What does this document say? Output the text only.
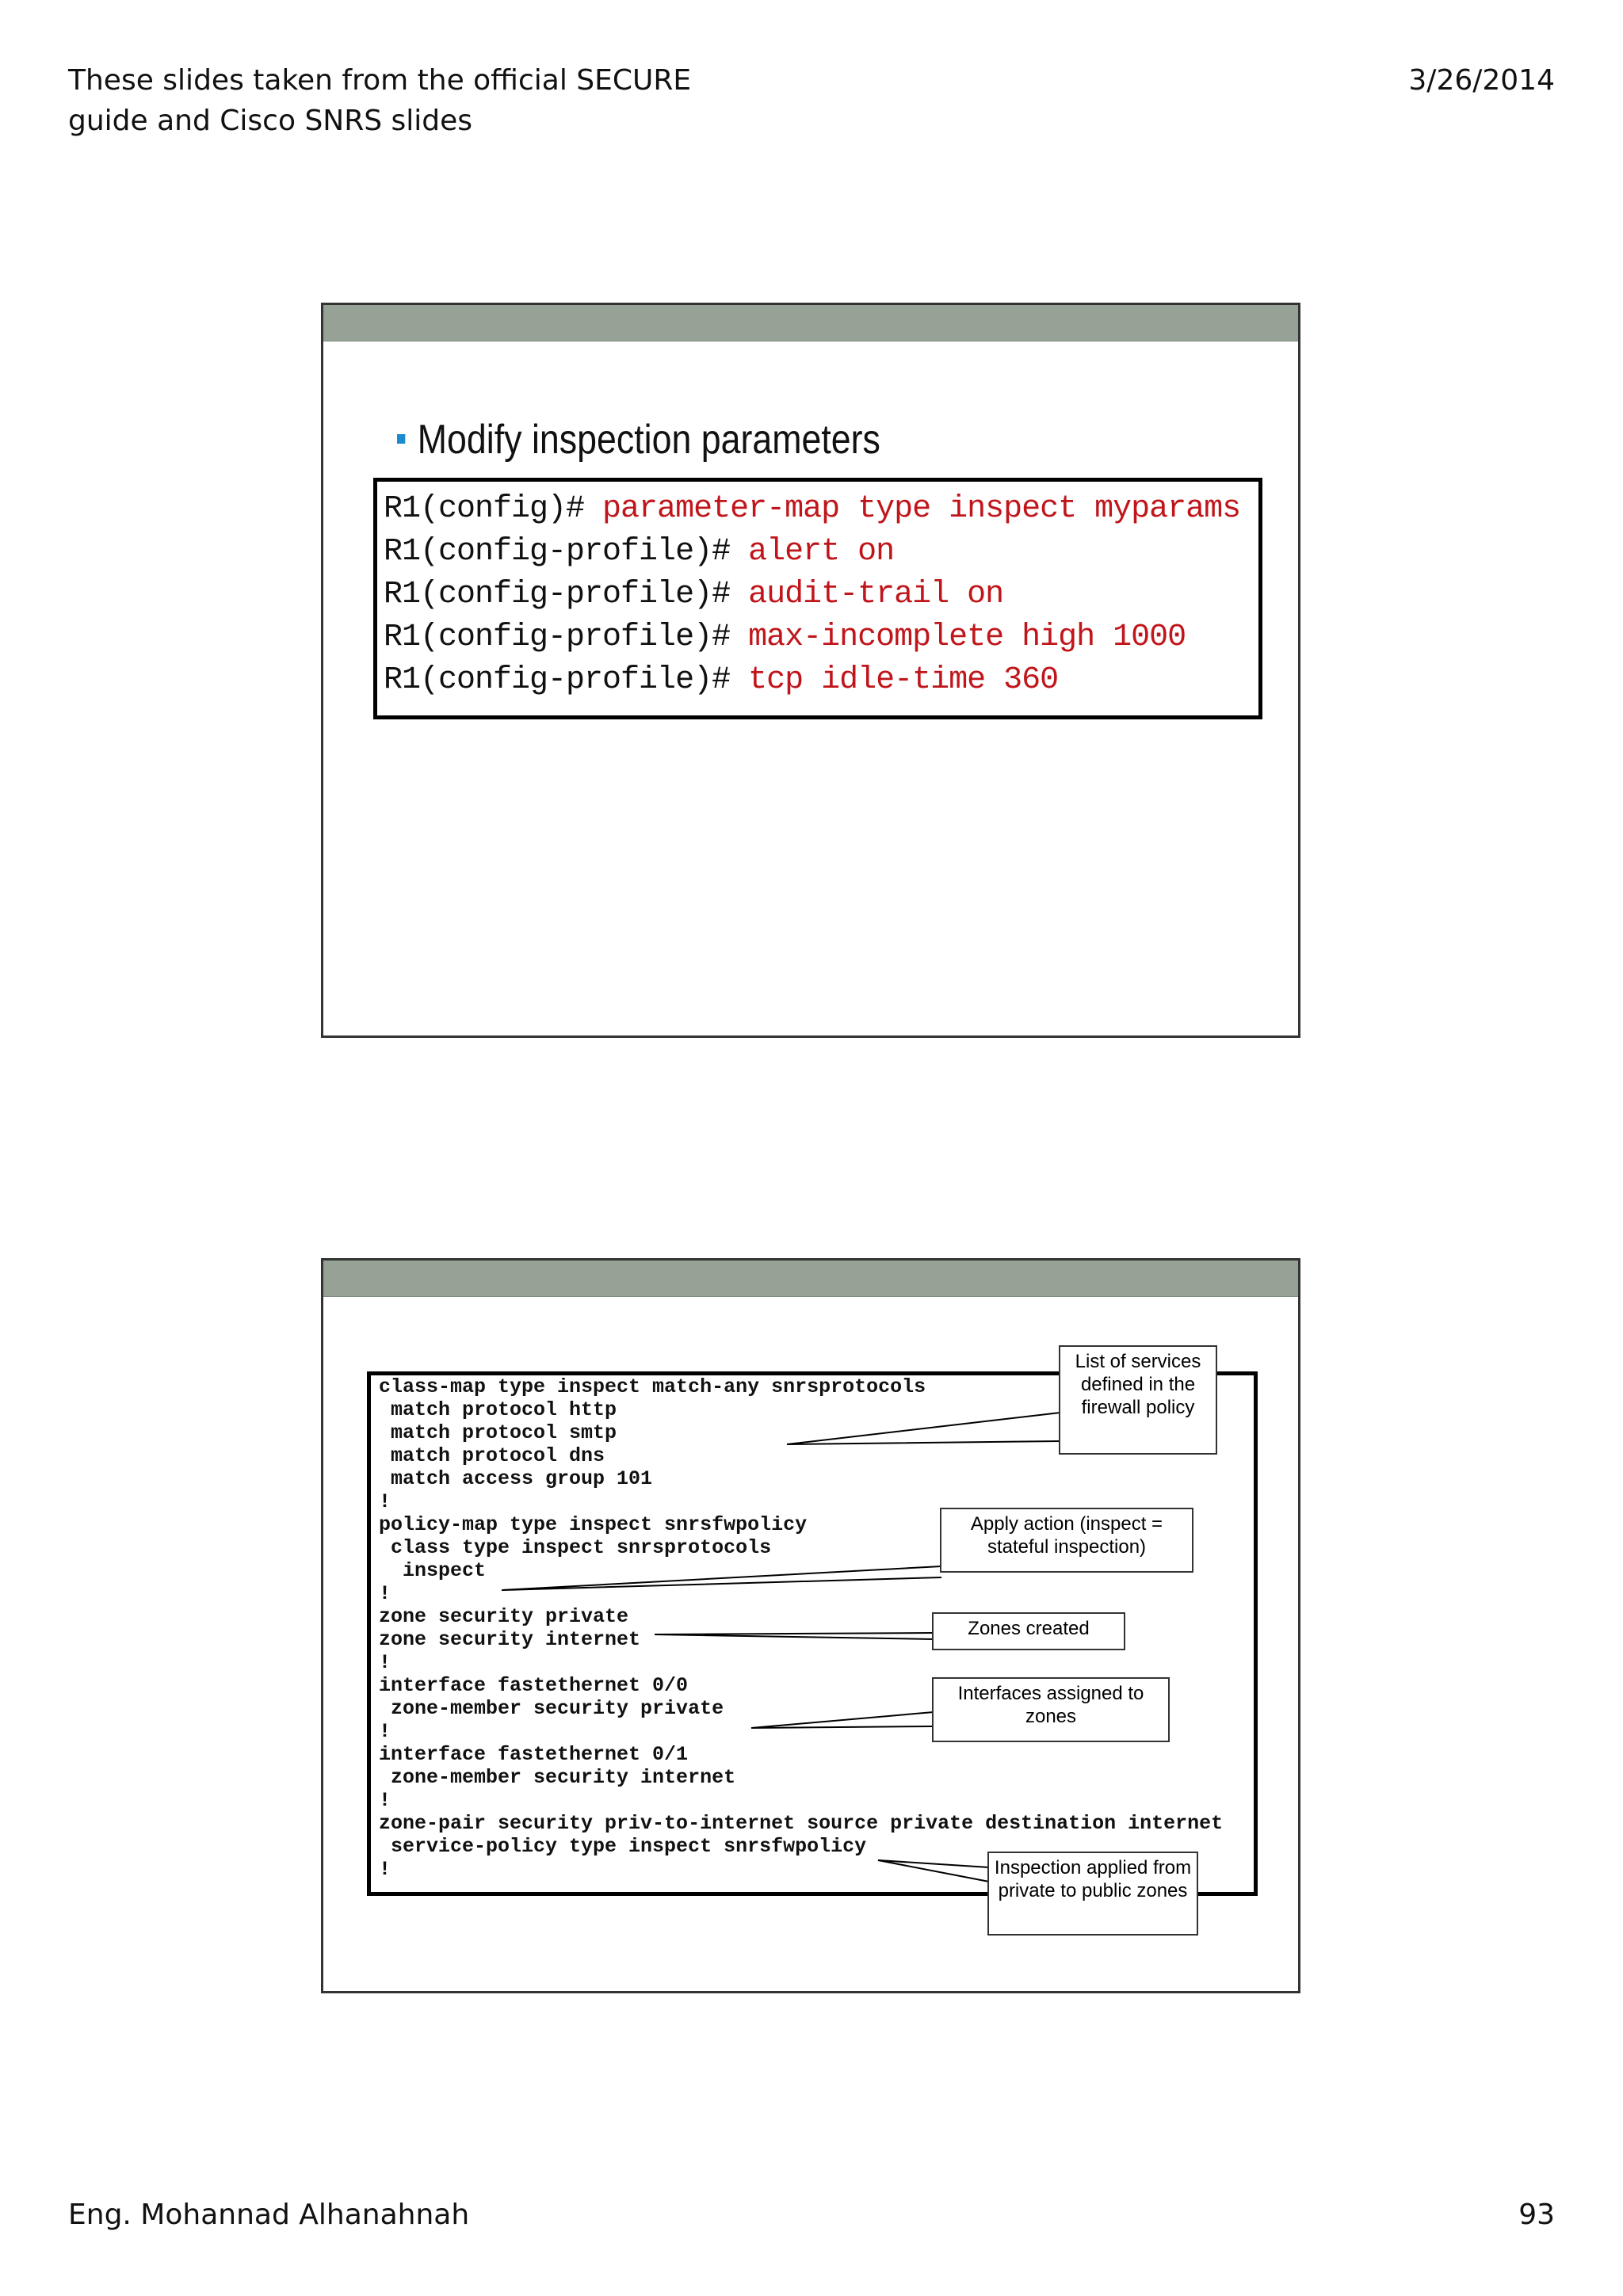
These slides taken from the official SECURE
guide and Cisco SNRS slides
3/26/2014
Modify inspection parameters
R1(config)# parameter-map type inspect myparams
R1(config-profile)# alert on
R1(config-profile)# audit-trail on
R1(config-profile)# max-incomplete high 1000
R1(config-profile)# tcp idle-time 360
class-map type inspect match-any snrsprotocols
match protocol http
match protocol smtp
match protocol dns
match access group 101
!
policy-map type inspect snrsfwpolicy
class type inspect snrsprotocols
inspect
!
zone security private
zone security internet
!
interface fastethernet 0/0
zone-member security private
!
interface fastethernet 0/1
zone-member security internet
!
zone-pair security priv-to-internet source private destination internet
service-policy type inspect snrsfwpolicy
!
List of services defined in the firewall policy
Apply action (inspect = stateful inspection)
Zones created
Interfaces assigned to zones
Inspection applied from private to public zones
Eng. Mohannad Alhanahnah	93
